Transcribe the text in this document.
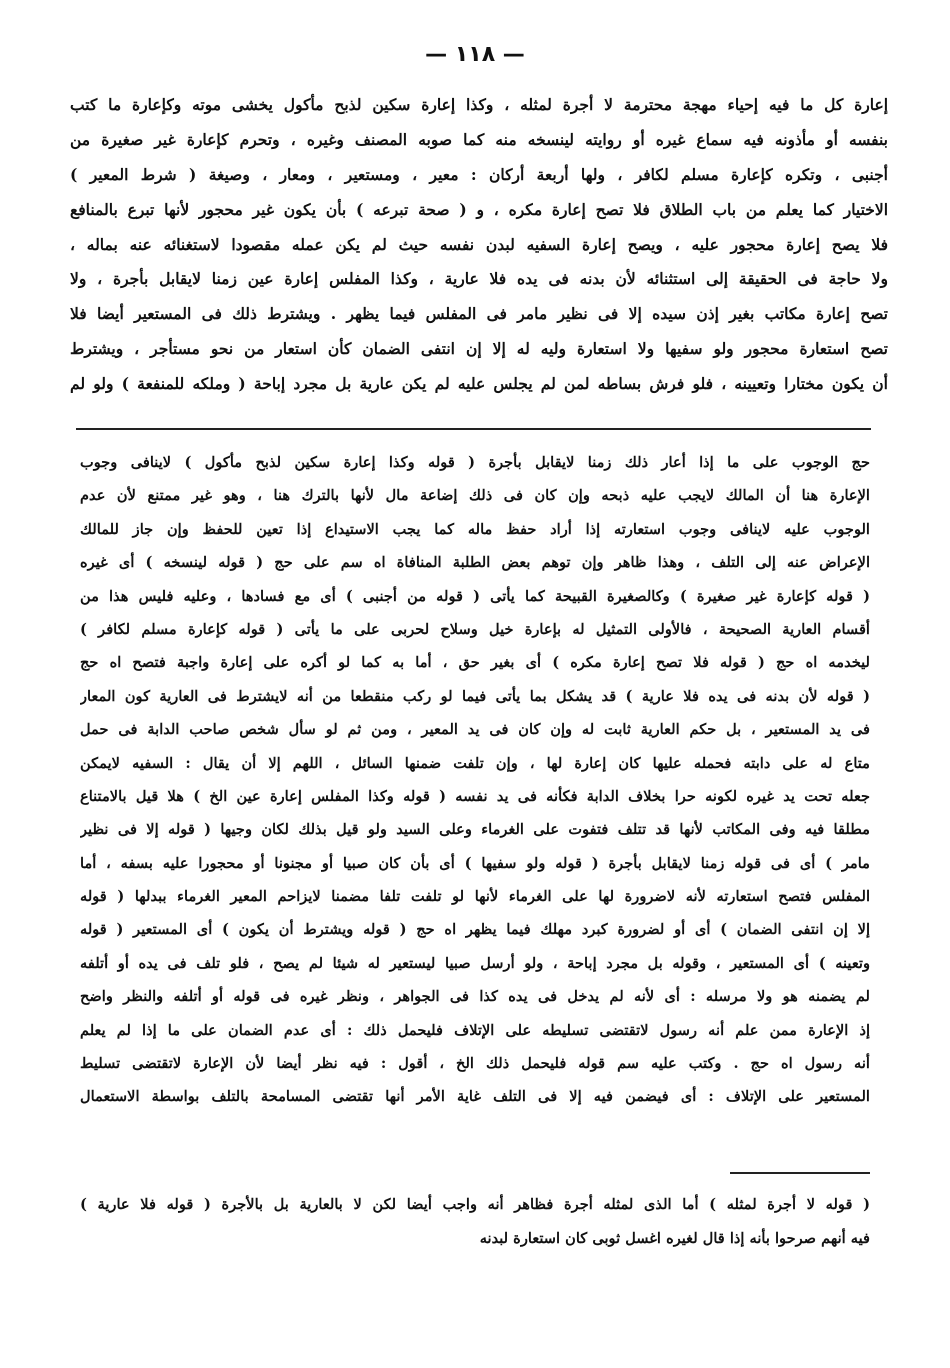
— ١١٨ —
إعارة كل ما فيه إحياء مهجة محترمة لا أجرة لمثله ، وكذا إعارة سكين لذبح مأكول يخشى موته وكإعارة ما كتب
بنفسه أو مأذونه فيه سماع غيره أو روايته لينسخه منه كما صوبه المصنف وغيره ، وتحرم كإعارة غير صغيرة من
أجنبى ، وتكره كإعارة مسلم لكافر ، ولها أربعة أركان : معير ، ومستعير ، ومعار ، وصيغة ( شرط المعير )
الاختيار كما يعلم من باب الطلاق فلا تصح إعارة مكره ، و ( صحة تبرعه ) بأن يكون غير محجور لأنها تبرع بالمنافع
فلا يصح إعارة محجور عليه ، ويصح إعارة السفيه لبدن نفسه حيث لم يكن عمله مقصودا لاستغنائه عنه بماله ،
ولا حاجة فى الحقيقة إلى استثنائه لأن بدنه فى يده فلا عارية ، وكذا المفلس إعارة عين زمنا لايقابل بأجرة ، ولا
تصح إعارة مكاتب بغير إذن سيده إلا فى نظير مامر فى المفلس فيما يظهر . ويشترط ذلك فى المستعير أيضا فلا
تصح استعارة محجور ولو سفيها ولا استعارة وليه له إلا إن انتفى الضمان كأن استعار من نحو مستأجر ، ويشترط
أن يكون مختارا وتعيينه ، فلو فرش بساطه لمن لم يجلس عليه لم يكن عارية بل مجرد إباحة ( وملكه للمنفعة ) ولو لم
حج الوجوب على ما إذا أعار ذلك زمنا لايقابل بأجرة ( قوله وكذا إعارة سكين لذبح مأكول ) لاينافى وجوب
الإعارة هنا أن المالك لايجب عليه ذبحه وإن كان فى ذلك إضاعة مال لأنها بالترك هنا ، وهو غير ممتنع لأن عدم
الوجوب عليه لاينافى وجوب استعارته إذا أراد حفظ ماله كما يجب الاستيداع إذا تعين للحفظ وإن جاز للمالك
الإعراض عنه إلى التلف ، وهذا ظاهر وإن توهم بعض الطلبة المنافاة اه سم على حج ( قوله لينسخه ) أى غيره
( قوله كإعارة غير صغيرة ) وكالصغيرة القبيحة كما يأتى ( قوله من أجنبى ) أى مع فسادها ، وعليه فليس هذا من
أقسام العارية الصحيحة ، فالأولى التمثيل له بإعارة خيل وسلاح لحربى على ما يأتى ( قوله كإعارة مسلم لكافر )
ليخدمه اه حج ( قوله فلا تصح إعارة مكره ) أى بغير حق ، أما به كما لو أكره على إعارة واجبة فتصح اه حج
( قوله لأن بدنه فى يده فلا عارية ) قد يشكل بما يأتى فيما لو ركب منقطعا من أنه لايشترط فى العارية كون المعار
فى يد المستعير ، بل حكم العارية ثابت له وإن كان فى يد المعير ، ومن ثم لو سأل شخص صاحب الدابة فى حمل
متاع له على دابته فحمله عليها كان إعارة لها ، وإن تلفت ضمنها السائل ، اللهم إلا أن يقال : السفيه لايمكن
جعله تحت يد غيره لكونه حرا بخلاف الدابة فكأنه فى يد نفسه ( قوله وكذا المفلس إعارة عين الخ ) هلا قيل بالامتناع
مطلقا فيه وفى المكاتب لأنها قد تتلف فتفوت على الغرماء وعلى السيد ولو قيل بذلك لكان وجيها ( قوله إلا فى نظير
مامر ) أى فى قوله زمنا لايقابل بأجرة ( قوله ولو سفيها ) أى بأن كان صبيا أو مجنونا أو محجورا عليه بسفه ، أما
المفلس فتصح استعارته لأنه لاضرورة لها على الغرماء لأنها لو تلفت تلفا مضمنا لايزاحم المعير الغرماء ببدلها ( قوله
إلا إن انتفى الضمان ) أى أو لضرورة كبرد مهلك فيما يظهر اه حج ( قوله ويشترط أن يكون ) أى المستعير ( قوله
وتعينه ) أى المستعير ، وقوله بل مجرد إباحة ، ولو أرسل صبيا ليستعير له شيئا لم يصح ، فلو تلف فى يده أو أتلفه
لم يضمنه هو ولا مرسله : أى لأنه لم يدخل فى يده كذا فى الجواهر ، ونظر غيره فى قوله أو أتلفه والنظر واضح
إذ الإعارة ممن علم أنه رسول لاتقتضى تسليطه على الإتلاف فليحمل ذلك : أى عدم الضمان على ما إذا لم يعلم
أنه رسول اه حج . وكتب عليه سم قوله فليحمل ذلك الخ ، أقول : فيه نظر أيضا لأن الإعارة لاتقتضى تسليط
المستعير على الإتلاف : أى فيضمن فيه إلا فى التلف غاية الأمر أنها تقتضى المسامحة بالتلف بواسطة الاستعمال
( قوله لا أجرة لمثله ) أما الذى لمثله أجرة فظاهر أنه واجب أيضا لكن لا بالعارية بل بالأجرة ( قوله فلا عارية )
فيه أنهم صرحوا بأنه إذا قال لغيره اغسل ثوبى كان استعارة لبدنه
